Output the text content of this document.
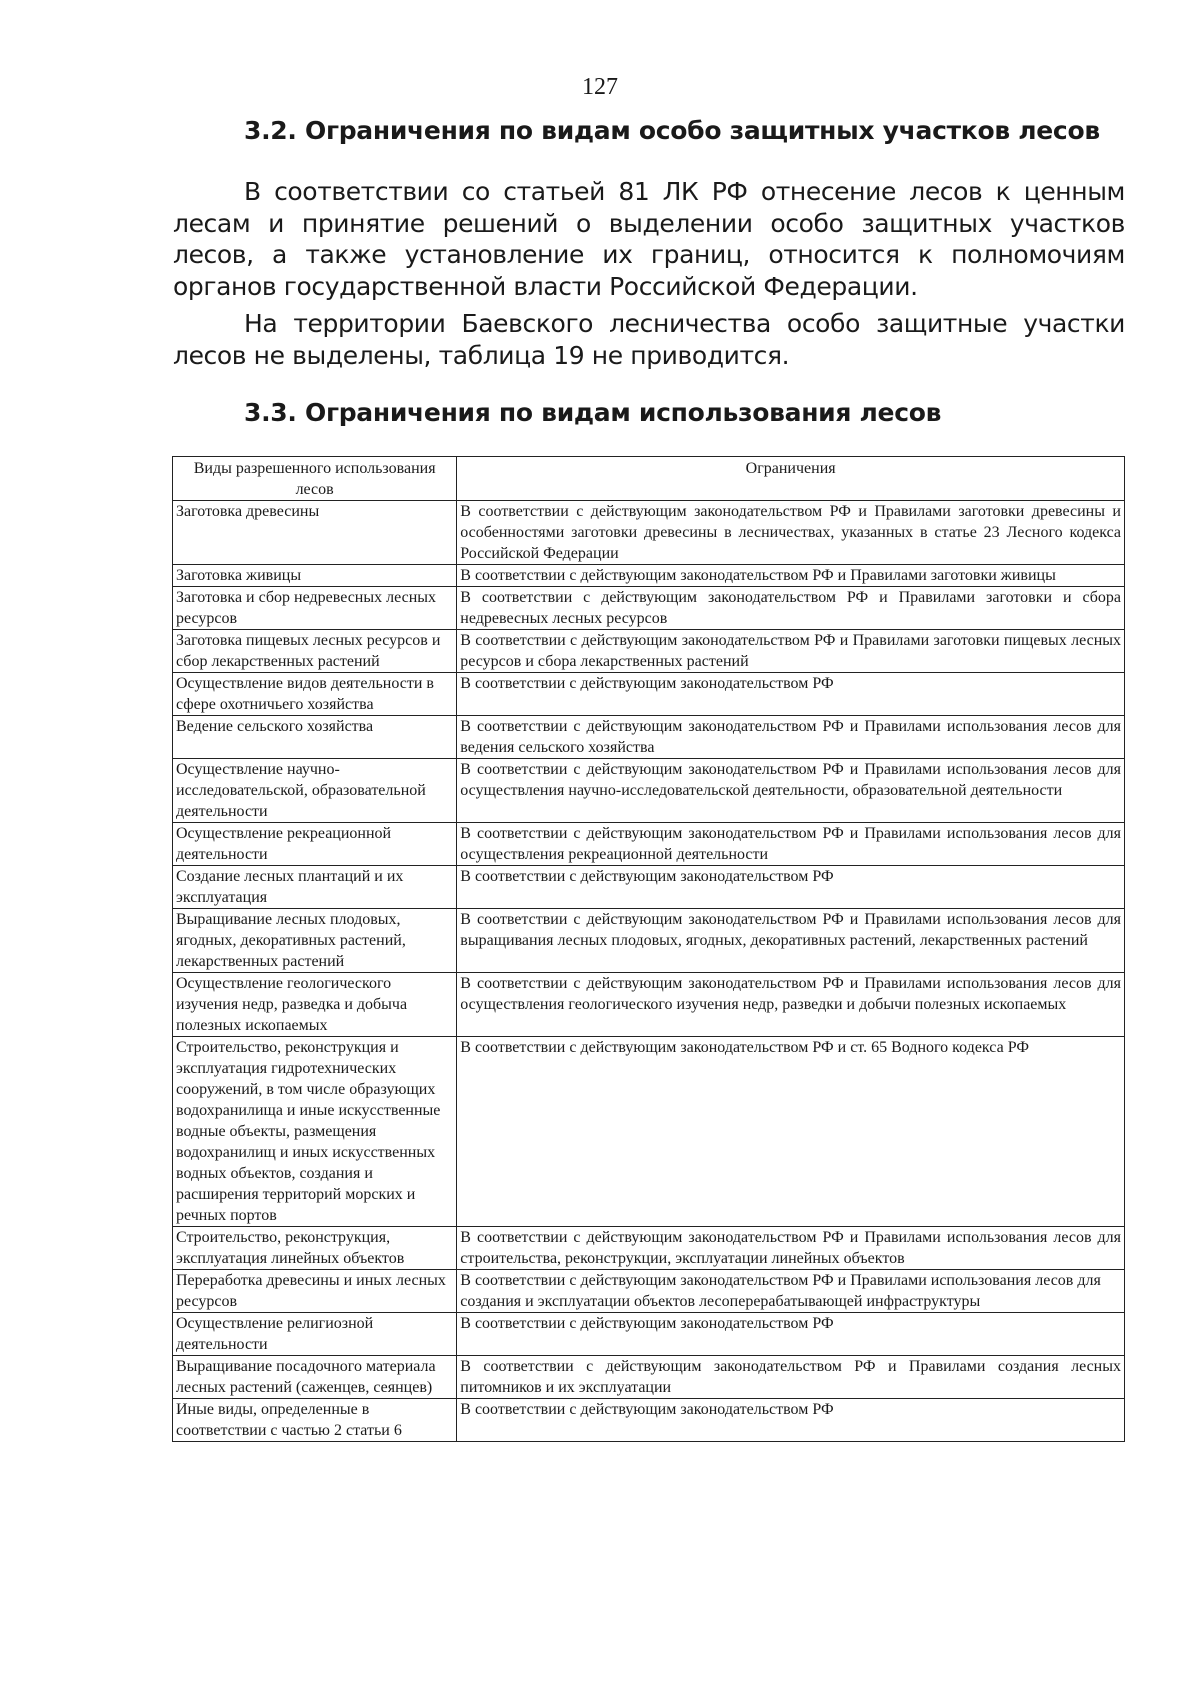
127
3.2. Ограничения по видам особо защитных участков лесов

В соответствии со статьей 81 ЛК РФ отнесение лесов к ценным лесам и принятие решений о выделении особо защитных участков лесов, а также установление их границ, относится к полномочиям органов государственной власти Российской Федерации.

На территории Баевского лесничества особо защитные участки лесов не выделены, таблица 19 не приводится.

3.3. Ограничения по видам использования лесов
Виды разрешенного использования лесов	Ограничения
Заготовка древесины	В соответствии с действующим законодательством РФ и Правилами заготовки древесины и особенностями заготовки древесины в лесничествах, указанных в статье 23 Лесного кодекса Российской Федерации
Заготовка живицы	В соответствии с действующим законодательством РФ и Правилами заготовки живицы
Заготовка и сбор недревесных лесных ресурсов	В соответствии с действующим законодательством РФ и Правилами заготовки и сбора недревесных лесных ресурсов
Заготовка пищевых лесных ресурсов и сбор лекарственных растений	В соответствии с действующим законодательством РФ и Правилами заготовки пищевых лесных ресурсов и сбора лекарственных растений
Осуществление видов деятельности в сфере охотничьего хозяйства	В соответствии с действующим законодательством РФ
Ведение сельского хозяйства	В соответствии с действующим законодательством РФ и Правилами использования лесов для ведения сельского хозяйства
Осуществление научно-исследовательской, образовательной деятельности	В соответствии с действующим законодательством РФ и Правилами использования лесов для осуществления научно-исследовательской деятельности, образовательной деятельности
Осуществление рекреационной деятельности	В соответствии с действующим законодательством РФ и Правилами использования лесов для осуществления рекреационной деятельности
Создание лесных плантаций и их эксплуатация	В соответствии с действующим законодательством РФ
Выращивание лесных плодовых, ягодных, декоративных растений, лекарственных растений	В соответствии с действующим законодательством РФ и Правилами использования лесов для выращивания лесных плодовых, ягодных, декоративных растений, лекарственных растений
Осуществление геологического изучения недр, разведка и добыча полезных ископаемых	В соответствии с действующим законодательством РФ и Правилами использования лесов для осуществления геологического изучения недр, разведки и добычи полезных ископаемых
Строительство, реконструкция и эксплуатация гидротехнических сооружений, в том числе образующих водохранилища и иные искусственные водные объекты, размещения водохранилищ и иных искусственных водных объектов, создания и расширения территорий морских и речных портов	В соответствии с действующим законодательством РФ и ст. 65 Водного кодекса РФ
Строительство, реконструкция, эксплуатация линейных объектов	В соответствии с действующим законодательством РФ и Правилами использования лесов для строительства, реконструкции, эксплуатации линейных объектов
Переработка древесины и иных лесных ресурсов	В соответствии с действующим законодательством РФ и Правилами использования лесов для создания и эксплуатации объектов лесоперерабатывающей инфраструктуры
Осуществление религиозной деятельности	В соответствии с действующим законодательством РФ
Выращивание посадочного материала лесных растений (саженцев, сеянцев)	В соответствии с действующим законодательством РФ и Правилами создания лесных питомников и их эксплуатации
Иные виды, определенные в соответствии с частью 2 статьи 6	В соответствии с действующим законодательством РФ
